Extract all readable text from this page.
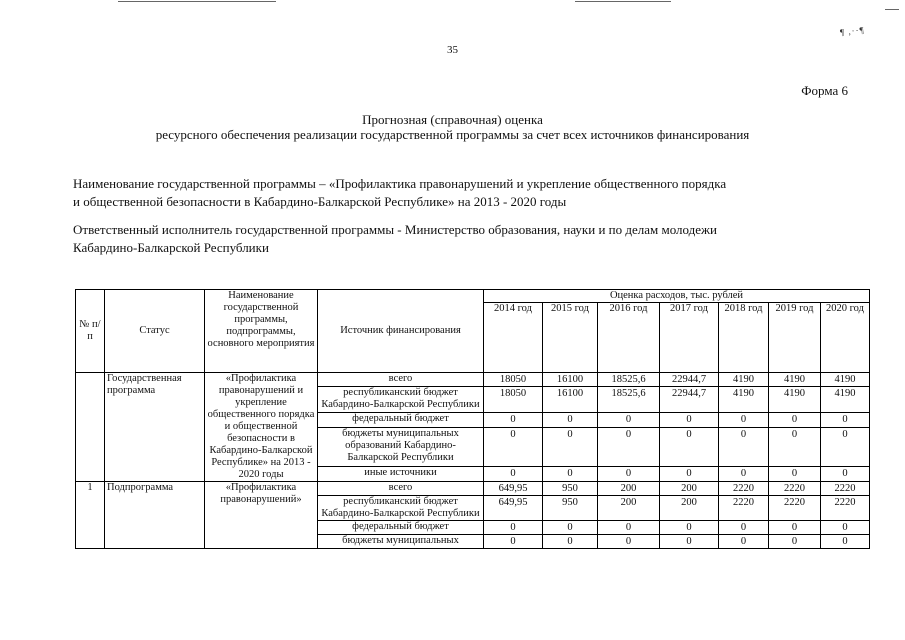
¶ ,··¶
35
Форма 6
Прогнозная (справочная) оценка
ресурсного обеспечения реализации государственной программы за счет всех источников финансирования
Наименование государственной программы – «Профилактика правонарушений и укрепление общественного порядка
и общественной безопасности в Кабардино-Балкарской Республике» на 2013 - 2020 годы
Ответственный исполнитель государственной программы - Министерство образования, науки и по делам молодежи
Кабардино-Балкарской Республики
№ п/п	Статус	Наименование государственной программы, подпрограммы, основного мероприятия	Источник финансирования	Оценка расходов, тыс. рублей						
				2014 год	2015 год	2016 год	2017 год	2018 год	2019 год	2020 год
	Государственная программа	«Профилактика правонарушений и укрепление общественного порядка и общественной безопасности в Кабардино-Балкарской Республике» на 2013 - 2020 годы	всего	18050	16100	18525,6	22944,7	4190	4190	4190
			республиканский бюджет Кабардино-Балкарской Республики	18050	16100	18525,6	22944,7	4190	4190	4190
			федеральный бюджет	0	0	0	0	0	0	0
			бюджеты муниципальных образований Кабардино-Балкарской Республики	0	0	0	0	0	0	0
			иные источники	0	0	0	0	0	0	0
1	Подпрограмма	«Профилактика правонарушений»	всего	649,95	950	200	200	2220	2220	2220
			республиканский бюджет Кабардино-Балкарской Республики	649,95	950	200	200	2220	2220	2220
			федеральный бюджет	0	0	0	0	0	0	0
			бюджеты муниципальных	0	0	0	0	0	0	0
